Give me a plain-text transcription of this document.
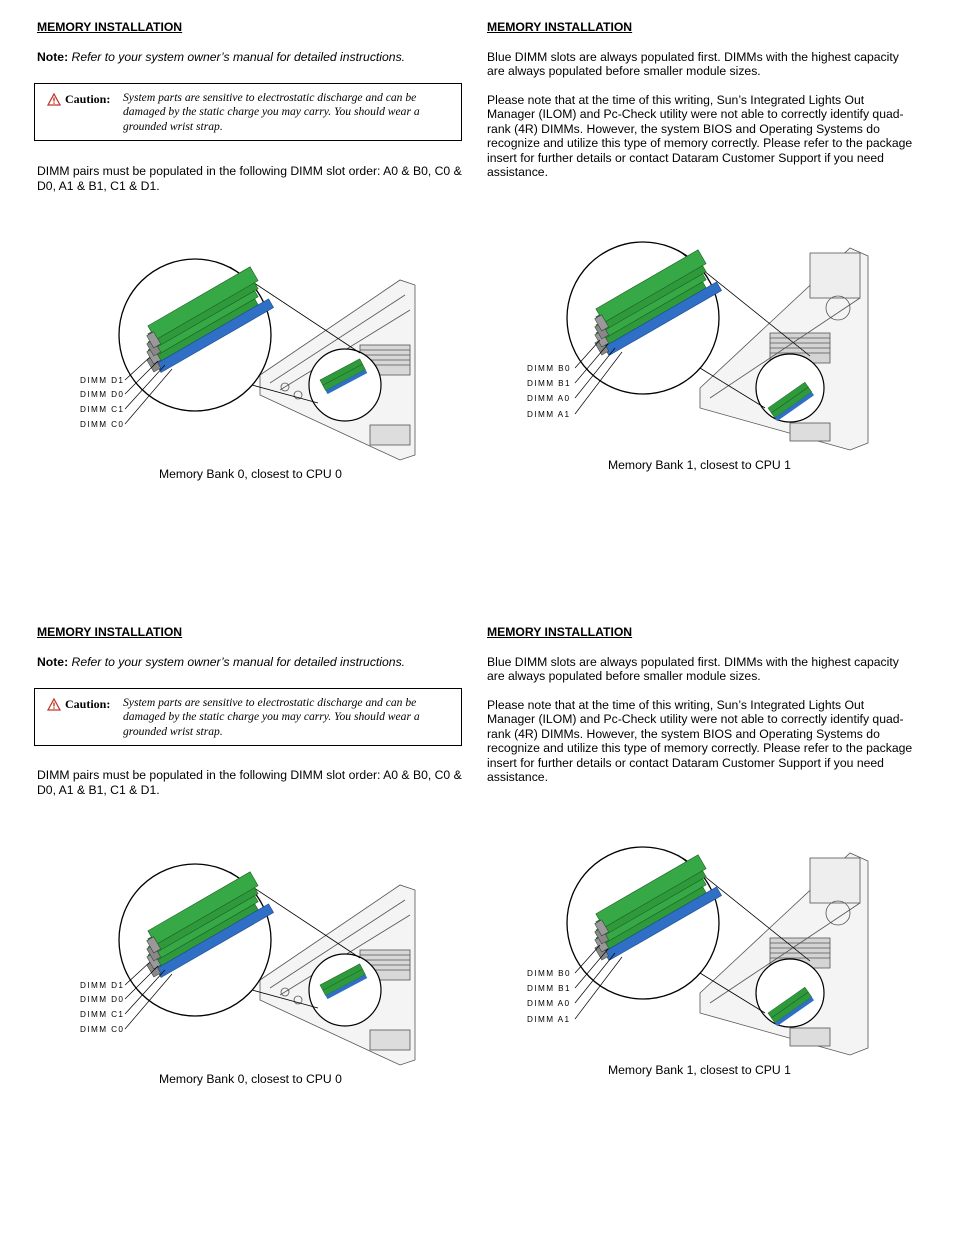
MEMORY INSTALLATION
Note: Refer to your system owner’s manual for detailed instructions.
Caution: System parts are sensitive to electrostatic discharge and can be damaged by the static charge you may carry. You should wear a grounded wrist strap.
DIMM pairs must be populated in the following DIMM slot order: A0 & B0, C0 & D0, A1 & B1, C1 & D1.
DIMM D1
DIMM D0
DIMM C1
DIMM C0
Memory Bank 0, closest to CPU 0
MEMORY INSTALLATION
Blue DIMM slots are always populated first. DIMMs with the highest capacity are always populated before smaller module sizes.
Please note that at the time of this writing, Sun’s Integrated Lights Out Manager (ILOM) and Pc-Check utility were not able to correctly identify quad-rank (4R) DIMMs. However, the system BIOS and Operating Systems do recognize and utilize this type of memory correctly. Please refer to the package insert for further details or contact Dataram Customer Support if you need assistance.
DIMM B0
DIMM B1
DIMM A0
DIMM A1
Memory Bank 1, closest to CPU 1
MEMORY INSTALLATION
Note: Refer to your system owner’s manual for detailed instructions.
Caution: System parts are sensitive to electrostatic discharge and can be damaged by the static charge you may carry. You should wear a grounded wrist strap.
DIMM pairs must be populated in the following DIMM slot order: A0 & B0, C0 & D0, A1 & B1, C1 & D1.
DIMM D1
DIMM D0
DIMM C1
DIMM C0
Memory Bank 0, closest to CPU 0
MEMORY INSTALLATION
Blue DIMM slots are always populated first. DIMMs with the highest capacity are always populated before smaller module sizes.
Please note that at the time of this writing, Sun’s Integrated Lights Out Manager (ILOM) and Pc-Check utility were not able to correctly identify quad-rank (4R) DIMMs. However, the system BIOS and Operating Systems do recognize and utilize this type of memory correctly. Please refer to the package insert for further details or contact Dataram Customer Support if you need assistance.
DIMM B0
DIMM B1
DIMM A0
DIMM A1
Memory Bank 1, closest to CPU 1
